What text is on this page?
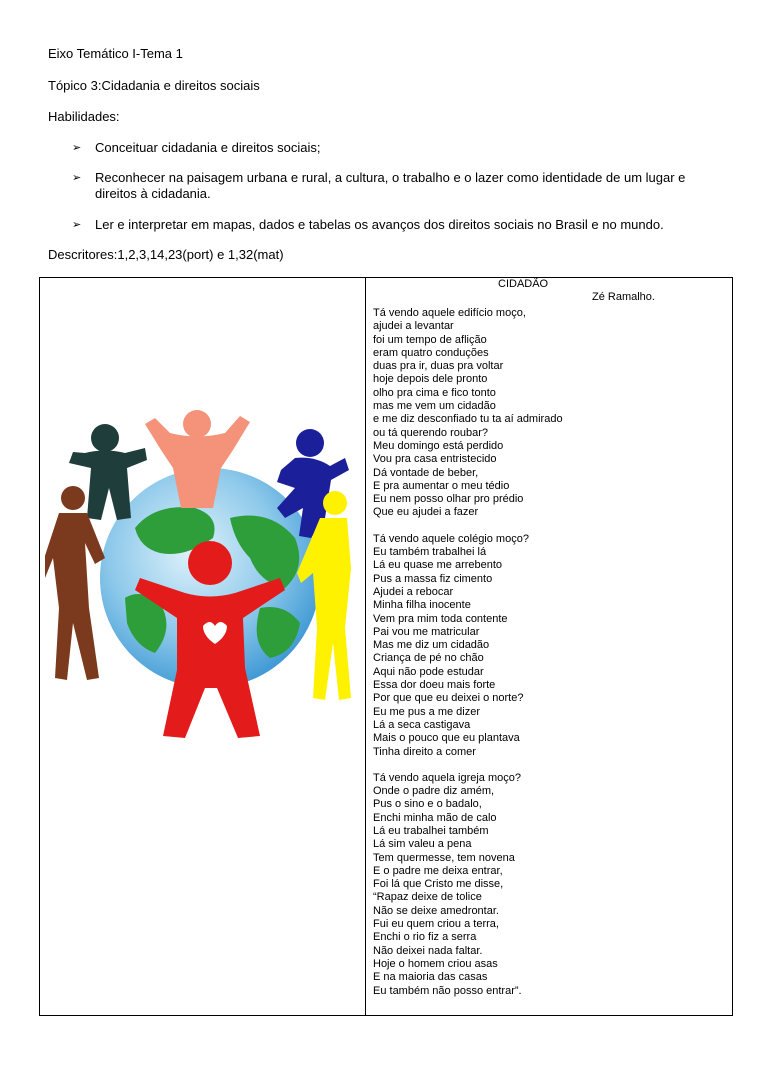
Eixo Temático I-Tema 1
Tópico 3:Cidadania e direitos sociais
Habilidades:
➢ Conceituar cidadania e direitos sociais;
➢ Reconhecer na paisagem urbana e rural, a cultura, o trabalho e o lazer como identidade de um lugar e
direitos à cidadania.
➢ Ler e interpretar em mapas, dados e tabelas os avanços dos direitos sociais no Brasil e no mundo.
Descritores:1,2,3,14,23(port) e 1,32(mat)
CIDADÃO
Zé Ramalho.
Tá vendo aquele edifício moço,
ajudei a levantar
foi um tempo de aflição
eram quatro conduções
duas pra ir, duas pra voltar
hoje depois dele pronto
olho pra cima e fico tonto
mas me vem um cidadão
e me diz desconfiado tu ta aí admirado
ou tá querendo roubar?
Meu domingo está perdido
Vou pra casa entristecido
Dá vontade de beber,
E pra aumentar o meu tédio
Eu nem posso olhar pro prédio
Que eu ajudei a fazer
Tá vendo aquele colégio moço?
Eu também trabalhei lá
Lá eu quase me arrebento
Pus a massa fiz cimento
Ajudei a rebocar
Minha filha inocente
Vem pra mim toda contente
Pai vou me matricular
Mas me diz um cidadão
Criança de pé no chão
Aqui não pode estudar
Essa dor doeu mais forte
Por que que eu deixei o norte?
Eu me pus a me dizer
Lá a seca castigava
Mais o pouco que eu plantava
Tinha direito a comer
Tá vendo aquela igreja moço?
Onde o padre diz amém,
Pus o sino e o badalo,
Enchi minha mão de calo
Lá eu trabalhei também
Lá sim valeu a pena
Tem quermesse, tem novena
E o padre me deixa entrar,
Foi lá que Cristo me disse,
“Rapaz deixe de tolice
Não se deixe amedrontar.
Fui eu quem criou a terra,
Enchi o rio fiz a serra
Não deixei nada faltar.
Hoje o homem criou asas
E na maioria das casas
Eu também não posso entrar”.
